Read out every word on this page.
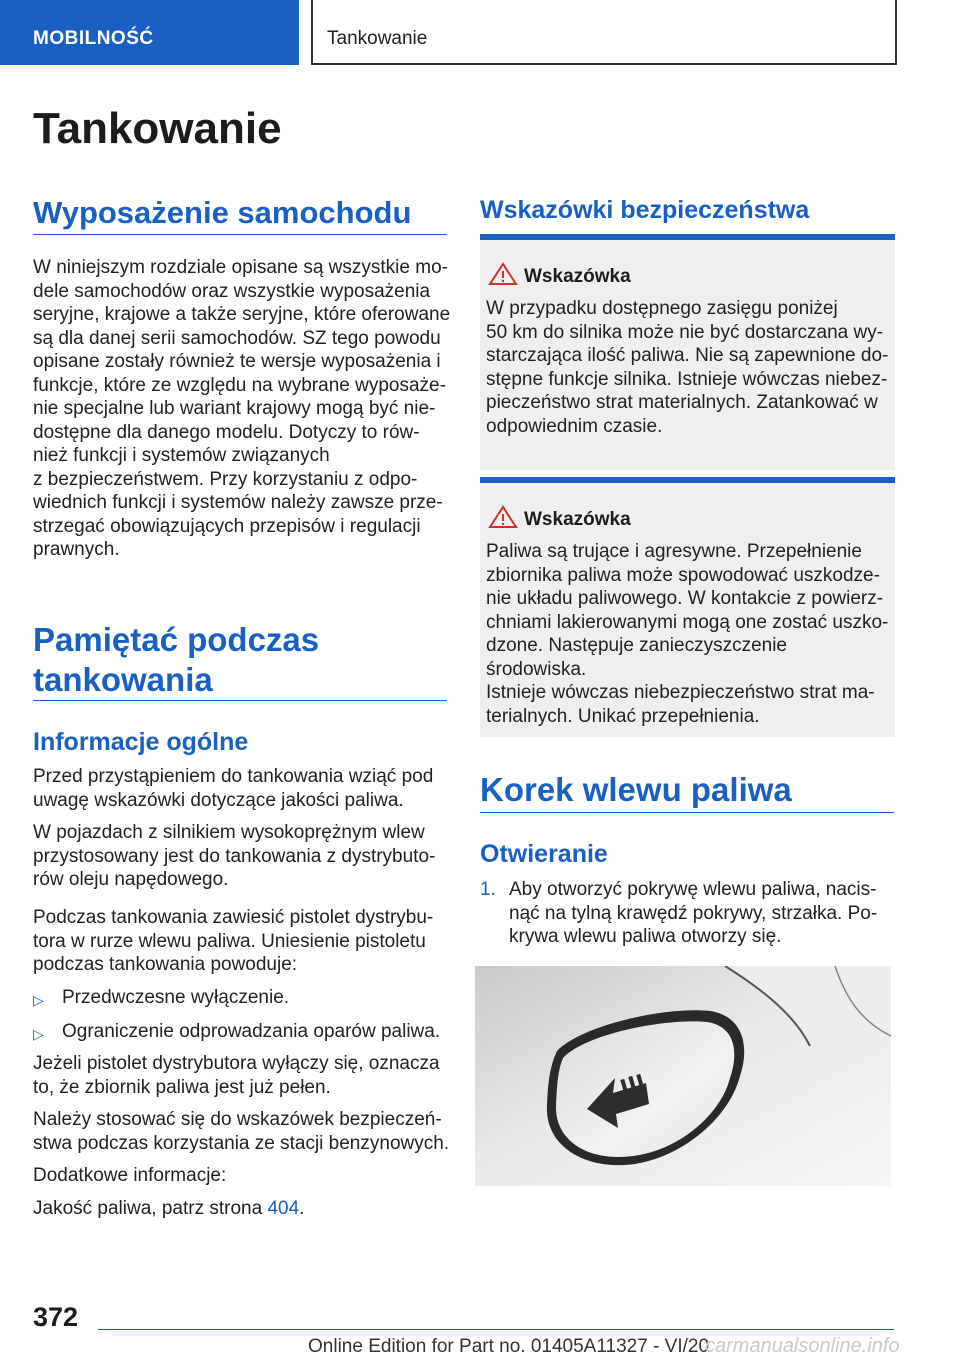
MOBILNOŚĆ	Tankowanie
Tankowanie
Wyposażenie samochodu
W niniejszym rozdziale opisane są wszystkie mo‐
dele samochodów oraz wszystkie wyposażenia
seryjne, krajowe a także seryjne, które oferowane
są dla danej serii samochodów. SZ tego powodu
opisane zostały również te wersje wyposażenia i
funkcje, które ze względu na wybrane wyposaże‐
nie specjalne lub wariant krajowy mogą być nie‐
dostępne dla danego modelu. Dotyczy to rów‐
nież funkcji i systemów związanych
z bezpieczeństwem. Przy korzystaniu z odpo‐
wiednich funkcji i systemów należy zawsze prze‐
strzegać obowiązujących przepisów i regulacji
prawnych.
Pamiętać podczas
tankowania
Informacje ogólne
Przed przystąpieniem do tankowania wziąć pod
uwagę wskazówki dotyczące jakości paliwa.
W pojazdach z silnikiem wysokoprężnym wlew
przystosowany jest do tankowania z dystrybuto‐
rów oleju napędowego.
Podczas tankowania zawiesić pistolet dystrybu‐
tora w rurze wlewu paliwa. Uniesienie pistoletu
podczas tankowania powoduje:
▷ Przedwczesne wyłączenie.
▷ Ograniczenie odprowadzania oparów paliwa.
Jeżeli pistolet dystrybutora wyłączy się, oznacza
to, że zbiornik paliwa jest już pełen.
Należy stosować się do wskazówek bezpieczeń‐
stwa podczas korzystania ze stacji benzynowych.
Dodatkowe informacje:
Jakość paliwa, patrz strona 404.
Wskazówki bezpieczeństwa
Wskazówka
W przypadku dostępnego zasięgu poniżej
50 km do silnika może nie być dostarczana wy‐
starczająca ilość paliwa. Nie są zapewnione do‐
stępne funkcje silnika. Istnieje wówczas niebez‐
pieczeństwo strat materialnych. Zatankować w
odpowiednim czasie.
Wskazówka
Paliwa są trujące i agresywne. Przepełnienie
zbiornika paliwa może spowodować uszkodze‐
nie układu paliwowego. W kontakcie z powierz‐
chniami lakierowanymi mogą one zostać uszko‐
dzone. Następuje zanieczyszczenie środowiska.
Istnieje wówczas niebezpieczeństwo strat ma‐
terialnych. Unikać przepełnienia.
Korek wlewu paliwa
Otwieranie
1. Aby otworzyć pokrywę wlewu paliwa, nacis‐
nąć na tylną krawędź pokrywy, strzałka. Po‐
krywa wlewu paliwa otworzy się.
372
Online Edition for Part no. 01405A11327 - VI/20
carmanualsonline.info
